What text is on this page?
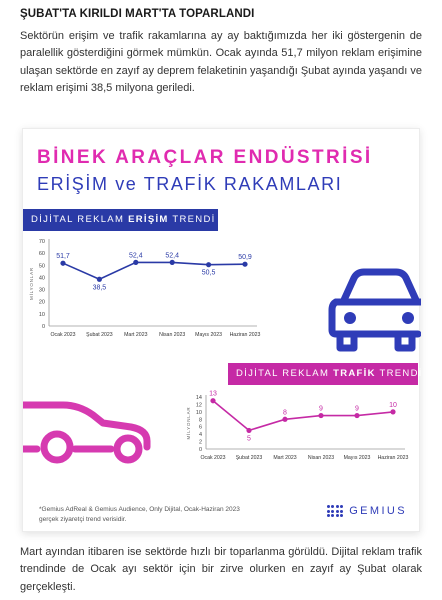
ŞUBAT'TA KIRILDI MART'TA TOPARLANDI
Sektörün erişim ve trafik rakamlarına ay ay baktığımızda her iki göstergenin de paralellik gösterdiğini görmek mümkün. Ocak ayında 51,7 milyon reklam erişimine ulaşan sektörde en zayıf ay deprem felaketinin yaşandığı Şubat ayında yaşandı ve reklam erişimi 38,5 milyona geriledi.
BİNEK ARAÇLAR ENDÜSTRİSİ
ERİŞİM ve TRAFİK RAKAMLARI
DİJİTAL REKLAM ERİŞİM TRENDİ
0
10
20
30
40
50
60
70
MİLYONLAR
Ocak 2023 Şubat 2023 Mart 2023 Nisan 2023 Mayıs 2023 Haziran 2023
51,7
38,5
52,4	52,4
50,5
50,9
DİJİTAL REKLAM TRAFİK TRENDİ
0
2
4
6
8
10
12
14
MİLYONLAR
Ocak 2023 Şubat 2023 Mart 2023 Nisan 2023 Mayıs 2023 Haziran 2023
13
5
8
9	9
10
*Gemius AdReal & Gemius Audience, Only Dijital, Ocak-Haziran 2023
gerçek ziyaretçi trend verisidir.
GEMIUS
Mart ayından itibaren ise sektörde hızlı bir toparlanma görüldü. Dijital reklam trafik trendinde de Ocak ayı sektör için bir zirve olurken en zayıf ay Şubat olarak gerçekleşti.
